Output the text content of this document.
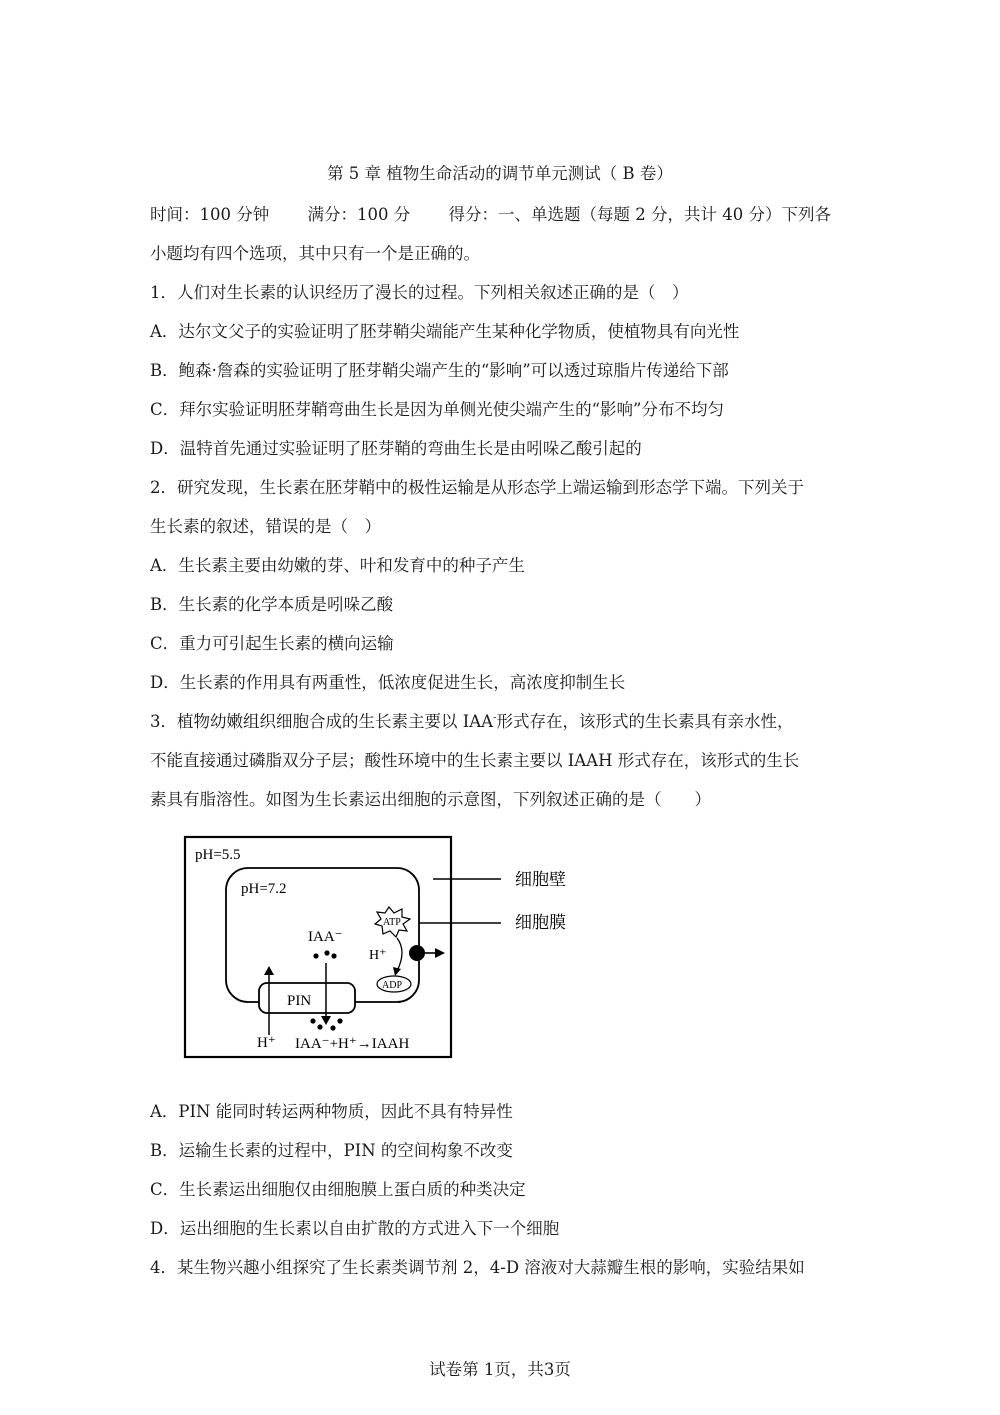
第 5 章 植物生命活动的调节单元测试（ B 卷）
时间：100 分钟　　 满分：100 分　　 得分：一、单选题（每题 2 分，共计 40 分）下列各
小题均有四个选项，其中只有一个是正确的。
1．人们对生长素的认识经历了漫长的过程。下列相关叙述正确的是（　）
A．达尔文父子的实验证明了胚芽鞘尖端能产生某种化学物质，使植物具有向光性
B．鲍森·詹森的实验证明了胚芽鞘尖端产生的“影响”可以透过琼脂片传递给下部
C．拜尔实验证明胚芽鞘弯曲生长是因为单侧光使尖端产生的“影响”分布不均匀
D．温特首先通过实验证明了胚芽鞘的弯曲生长是由吲哚乙酸引起的
2．研究发现，生长素在胚芽鞘中的极性运输是从形态学上端运输到形态学下端。下列关于
生长素的叙述，错误的是（　）
A．生长素主要由幼嫩的芽、叶和发育中的种子产生
B．生长素的化学本质是吲哚乙酸
C．重力可引起生长素的横向运输
D．生长素的作用具有两重性，低浓度促进生长，高浓度抑制生长
3．植物幼嫩组织细胞合成的生长素主要以 IAA-形式存在，该形式的生长素具有亲水性，
不能直接通过磷脂双分子层；酸性环境中的生长素主要以 IAAH 形式存在，该形式的生长
素具有脂溶性。如图为生长素运出细胞的示意图，下列叙述正确的是（　　）
细胞壁
细胞膜
pH=5.5
pH=7.2
ATP
H⁺
ADP
IAA⁻
PIN
H⁺ IAA⁻+H⁺→IAAH
A．PIN 能同时转运两种物质，因此不具有特异性
B．运输生长素的过程中，PIN 的空间构象不改变
C．生长素运出细胞仅由细胞膜上蛋白质的种类决定
D．运出细胞的生长素以自由扩散的方式进入下一个细胞
4．某生物兴趣小组探究了生长素类调节剂 2，4-D 溶液对大蒜瓣生根的影响，实验结果如
试卷第 1页，共3页
